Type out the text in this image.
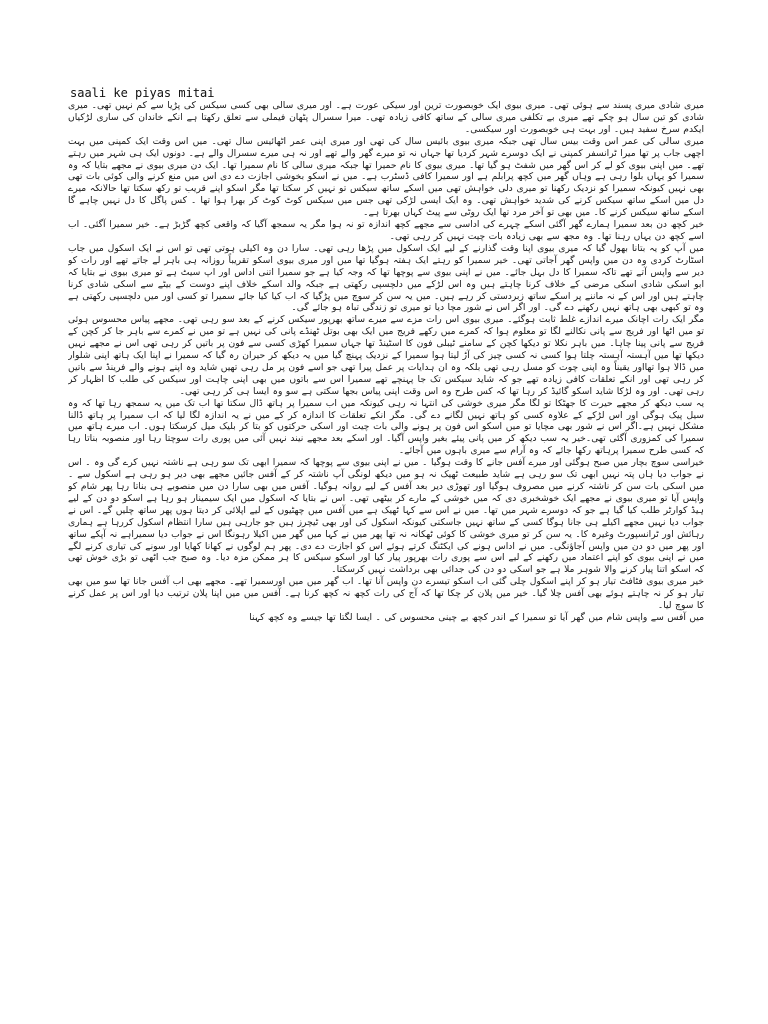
saali ke piyas mitai

میری شادی میری پسند سے ہوئی تھی۔ میری بیوی ایک خوبصورت ترین اور سیکی عورت ہے۔ اور میری سالی بھی کسی سیکس کی پڑیا سے کم نہیں تھی۔ میری شادی کو تین سال ہو چکے تھے میری بے تکلفی میری سالی کے ساتھ کافی زیادہ تھی۔ میرا سسرال پٹھان فیملی سے تعلق رکھتا ہے انکے خاندان کی ساری لڑکیاں ایکدم سرخ سفید ہیں۔ اور بہت ہی خوبصورت اور سیکسی۔

میری سالی کی عمر اس وقت بیس سال تھی جبکہ میری بیوی بائیس سال کی تھی اور میری اپنی عمر اٹھائیس سال تھی۔ میں اس وقت ایک کمپنی میں بہت اچھی جاب پر تھا میرا ٹرانسفر کمپنی نے ایک دوسرے شہر کردیا تھا جہاں نہ تو میرے گھر والے تھے اور نہ ہی میرے سسرال والے ہے۔ دونوں ایک ہی شہر میں رہتے تھے۔ میں اپنی بیوی کو لے کر اس گھر میں شفٹ ہو گیا تھا۔ میری بیوی کا نام حمیرا تھا جبکہ میری سالی کا نام سمیرا تھا۔ ایک دن میری بیوی نے مجھے بتایا کہ وہ سمیرا کو یہاں بلوا رہی ہے وہاں گھر میں کچھ پرابلم ہے اور سمیرا کافی ڈسٹرب ہے۔ میں نے اسکو بخوشی اجازت دے دی اس میں منع کرنے والی کوئی بات تھی بھی نہیں کیونکہ سمیرا کو نزدیک رکھنا تو میری دلی خواہش تھی میں اسکے ساتھ سیکس تو نہیں کر سکتا تھا مگر اسکو اپنے قریب تو رکھ سکتا تھا حالانکہ میرے دل میں اسکے ساتھ سیکس کرنے کی شدید خواہش تھی۔ وہ ایک ایسی لڑکی تھی جس میں سیکس کوٹ کوٹ کر بھرا ہوا تھا ۔ کس پاگل کا دل نہیں چاہے گا اسکے ساتھ سیکس کرنے کا۔ میں بھی تو آخر مرد تھا ایک روٹی سے پیٹ کہاں بھرتا ہے۔

خیر کچھ دن بعد سمیرا ہمارے گھر آگئی اسکے چہرے کی اداسی سے مجھے کچھ اندازہ تو نہ ہوا مگر یہ سمجھ آگیا کہ واقعی کچھ گڑبڑ ہے۔ خیر سمیرا آگئی۔ اب اسے کچھ دن یہاں رہنا تھا۔ وہ مجھ سے بھی زیادہ بات چیت نہیں کر رہی تھی۔

میں آپ کو یہ بتانا بھول گیا کہ میری بیوی اپنا وقت گذارنے کے لیے ایک اسکول میں پڑھا رہی تھی۔ سارا دن وہ اکیلی ہوتی تھی تو اس نے ایک اسکول میں جاب اسٹارٹ کردی وہ دن میں واپس گھر آجاتی تھی۔ خیر سمیرا کو رہتے ایک ہفتہ ہوگیا تھا میں اور میری بیوی اسکو تقریباً روزانہ ہی باہر لے جاتے تھے اور رات کو دیر سے واپس آتے تھے تاکہ سمیرا کا دل بہل جائے۔ میں نے اپنی بیوی سے پوچھا تھا کہ وجہ کیا ہے جو سمیرا اتنی اداس اور اپ سیٹ ہے تو میری بیوی نے بتایا کہ ابو اسکی شادی اسکی مرضی کے خلاف کرنا چاہتے ہیں وہ اس لڑکے میں دلچسپی رکھتی ہے جبکہ والد اسکے خلاف اپنے دوست کے بیٹے سے اسکی شادی کرنا چاہتے ہیں اور اس کے نہ ماننے پر اسکے ساتھ زبردستی کر رہے ہیں۔ میں یہ سن کر سوچ میں پڑگیا کہ اب کیا کیا جائے سمیرا تو کسی اور میں دلچسپی رکھتی ہے وہ تو کبھی بھی ہاتھ نہیں رکھنے دے گی۔ اور اگر اس نے شور مچا دیا تو میری تو زندگی تباہ ہو جائے گی۔

مگر ایک رات اچانک میرے اندازے غلط ثابت ہوگئے۔ میری بیوی اس رات مزے سے میرے ساتھ بھرپور سیکس کرنے کے بعد سو رہی تھی۔ مجھے پیاس محسوس ہوئی تو میں اٹھا اور فریج سے پانی نکالنے لگا تو معلوم ہوا کہ کمرے میں رکھے فریج میں ایک بھی بوتل ٹھنڈے پانی کی نہیں ہے تو میں نے کمرے سے باہر جا کر کچن کے فریج سے پانی پینا چاہا۔ میں باہر نکلا تو دیکھا کچن کے سامنے ٹیبلی فون کا اسٹینڈ تھا جہاں سمیرا کھڑی کسی سے فون پر باتیں کر رہی تھی اس نے مجھے نہیں دیکھا تھا میں آہستہ آہستہ چلتا ہوا کسی نہ کسی چیز کی آڑ لیتا ہوا سمیرا کے نزدیک پہنچ گیا میں یہ دیکھ کر حیران رہ گیا کہ سمیرا نے اپنا ایک ہاتھ اپنی شلوار میں ڈالا ہوا تھااور یقیناً وہ اپنی چوت کو مسل رہی تھی بلکہ وہ ان ہدایات پر عمل پیرا تھی جو اسے فون پر مل رہی تھیں شاید وہ اپنے ہونے والے فرینڈ سے باتیں کر رہی تھی اور انکے تعلقات کافی زیادہ تھے جو کہ شاید سیکس تک جا پہنچے تھے سمیرا اس سے باتوں میں بھی اپنی چاہت اور سیکس کی طلب کا اظہار کر رہی تھی۔ اور وہ لڑکا شاید اسکو گائیڈ کر رہا تھا کہ کس طرح وہ اس وقت اپنی پیاس بجھا سکتی ہے سو وہ ایسا ہی کر رہی تھی۔

یہ سب دیکھ کر مجھے حیرت کا جھٹکا تو لگا مگر میری خوشی کی انتہا نہ رہی کیونکہ میں اب سمیرا پر ہاتھ ڈال سکتا تھا اب تک میں یہ سمجھ رہا تھا کہ وہ سیل پیک ہوگی اور اس لڑکے کے علاوہ کسی کو ہاتھ نہیں لگانے دے گی۔ مگر انکے تعلقات کا اندازہ کر کے میں نے یہ اندازہ لگا لیا کہ اب سمیرا پر ہاتھ ڈالنا مشکل نہیں ہے۔اگر اس نے شور بھی مچایا تو میں اسکو اس فون پر ہونے والی بات چیت اور اسکی حرکتوں کو بتا کر بلیک میل کرسکتا ہوں۔ اب میرے ہاتھ میں سمیرا کی کمزوری آگئی تھی۔خیر یہ سب دیکھ کر میں پانی پیئے بغیر واپس آگیا۔ اور اسکے بعد مجھے نیند نہیں آئی میں پوری رات سوچتا رہا اور منصوبہ بناتا رہا کہ کسی طرح سمیرا پرہاتھ رکھا جائے کہ وہ آرام سے میری باہوں میں آجائے۔

خیراسی سوچ بچار میں صبح ہوگئی اور میرے آفس جانے کا وقت ہوگیا ۔ میں نے اپنی بیوی سے پوچھا کہ سمیرا ابھی تک سو رہی ہے ناشتہ نہیں کرے گی وہ ۔ اس نے جواب دیا ہاں پتہ نہیں ابھی تک سو رہی ہے شاید طبیعت ٹھیک نہ ہو میں دیکھ لونگی آپ ناشتہ کر کے آفس جائیں مجھے بھی دیر ہو رہی ہے اسکول سے ۔ میں اسکی بات سن کر ناشتہ کرنے میں مصروف ہوگیا اور تھوڑی دیر بعد آفس کے لیے روانہ ہوگیا۔ آفس میں بھی سارا دن میں منصوبے ہی بناتا رہا پھر شام کو واپس آیا تو میری بیوی نے مجھے ایک خوشخبری دی کہ میں خوشی کے مارے کر بیٹھی تھی۔ اس نے بتایا کہ اسکول میں ایک سیمینار ہو رہا ہے اسکو دو دن کے لیے ہیڈ کوارٹر طلب کیا گیا ہے جو کہ دوسرے شہر میں تھا۔ میں نے اس سے کہا ٹھیک ہے میں آفس میں چھٹیوں کے لیے اپلائی کر دیتا ہوں پھر ساتھ چلیں گے۔ اس نے جواب دیا نہیں مجھے اکیلے ہی جانا ہوگا کسی کے ساتھ نہیں جاسکتی کیونکہ اسکول کی اور بھی ٹیچرز ہیں جو جارہی ہیں سارا انتظام اسکول کررہا ہے ہماری رہائش اور ٹرانسپورٹ وغیرہ کا۔ یہ سن کر تو میری خوشی کا کوئی ٹھکانہ نہ تھا پھر میں نے کہا میں گھر میں اکیلا رہونگا اس نے جواب دیا سمیراہے نہ آپکے ساتھ اور پھر میں دو دن میں واپس آجاؤنگی۔ میں نے اداس ہونے کی ایکٹنگ کرتے ہوئے اس کو اجازت دے دی۔ پھر ہم لوگوں نے کھانا کھایا اور سونے کی تیاری کرنے لگے میں نے اپنی بیوی کو اپنے اعتماد میں رکھنے کے لیے اس سے پوری رات بھرپور پیار کیا اور اسکو سیکس کا ہر ممکن مزہ دیا۔ وہ صبح جب اٹھی تو بڑی خوش تھی کہ اسکو اتنا پیار کرنے والا شوہر ملا ہے جو اسکی دو دن کی جدائی بھی برداشت نہیں کرسکتا۔

خیر میری بیوی فٹافٹ تیار ہو کر اپنے اسکول چلی گئی اب اسکو تیسرے دن واپس آنا تھا۔ اب گھر میں میں اورسمیرا تھے۔ مجھے بھی اب آفس جانا تھا سو میں بھی تیار ہو کر نہ چاہتے ہوئے بھی آفس چلا گیا۔ خیر میں پلان کر چکا تھا کہ آج کی رات کچھ نہ کچھ کرنا ہے۔ آفس میں میں اپنا پلان ترتیب دیا اور اس پر عمل کرنے کا سوچ لیا۔

میں آفس سے واپس شام میں گھر آیا تو سمیرا کے اندر کچھ بے چینی محسوس کی ۔ ایسا لگتا تھا جیسے وہ کچھ کہنا
